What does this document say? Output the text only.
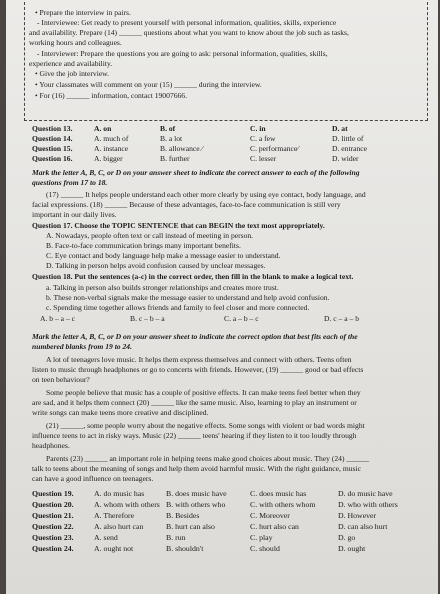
• Prepare the interview in pairs.
- Interviewee: Get ready to present yourself with personal information, qualities, skills, experience
and availability. Prepare (14) ______ questions about what you want to know about the job such as tasks,
working hours and colleagues.
- Interviewer: Prepare the questions you are going to ask: personal information, qualities, skills,
experience and availability.
• Give the job interview.
• Your classmates will comment on your (15) ______ during the interview.
• For (16) ______ information, contact 19007666.
Question 13.	A. on	B. of	C. in	D. at
Question 14.	A. much of	B. a lot	C. a few	D. little of
Question 15.	A. instance	B. allowance ⁄	C. performance⁄	D. entrance
Question 16.	A. bigger	B. further	C. lesser	D. wider
Mark the letter A, B, C, or D on your answer sheet to indicate the correct answer to each of the following
questions from 17 to 18.
(17) ______ It helps people understand each other more clearly by using eye contact, body language, and
facial expressions. (18) ______ Because of these advantages, face-to-face communication is still very
important in our daily lives.
Question 17. Choose the TOPIC SENTENCE that can BEGIN the text most appropriately.
A. Nowadays, people often text or call instead of meeting in person.
B. Face-to-face communication brings many important benefits.
C. Eye contact and body language help make a message easier to understand.
D. Talking in person helps avoid confusion caused by unclear messages.
Question 18. Put the sentences (a-c) in the correct order, then fill in the blank to make a logical text.
a. Talking in person also builds stronger relationships and creates more trust.
b. These non-verbal signals make the message easier to understand and help avoid confusion.
c. Spending time together allows friends and family to feel closer and more connected.
A. b – a – c	B. c – b – a	C. a – b – c	D. c – a – b
Mark the letter A, B, C, or D on your answer sheet to indicate the correct option that best fits each of the
numbered blanks from 19 to 24.
A lot of teenagers love music. It helps them express themselves and connect with others. Teens often
listen to music through headphones or go to concerts with friends. However, (19) ______ good or bad effects
on teen behaviour?
Some people believe that music has a couple of positive effects. It can make teens feel better when they
are sad, and it helps them connect (20) ______ like the same music. Also, learning to play an instrument or
write songs can make teens more creative and disciplined.
(21) ______, some people worry about the negative effects. Some songs with violent or bad words might
influence teens to act in risky ways. Music (22) ______ teens' hearing if they listen to it too loudly through
headphones.
Parents (23) ______ an important role in helping teens make good choices about music. They (24) ______
talk to teens about the meaning of songs and help them avoid harmful music. With the right guidance, music
can have a good influence on teenagers.
Question 19.	A. do music has	B. does music have	C. does music has	D. do music have
Question 20.	A. whom with others B. with others who	C. with others whom	D. who with others
Question 21.	A. Therefore	B. Besides	C. Moreover	D. However
Question 22.	A. also hurt can	B. hurt can also	C. hurt also can	D. can also hurt
Question 23.	A. send	B. run	C. play	D. go
Question 24.	A. ought not	B. shouldn't	C. should	D. ought
